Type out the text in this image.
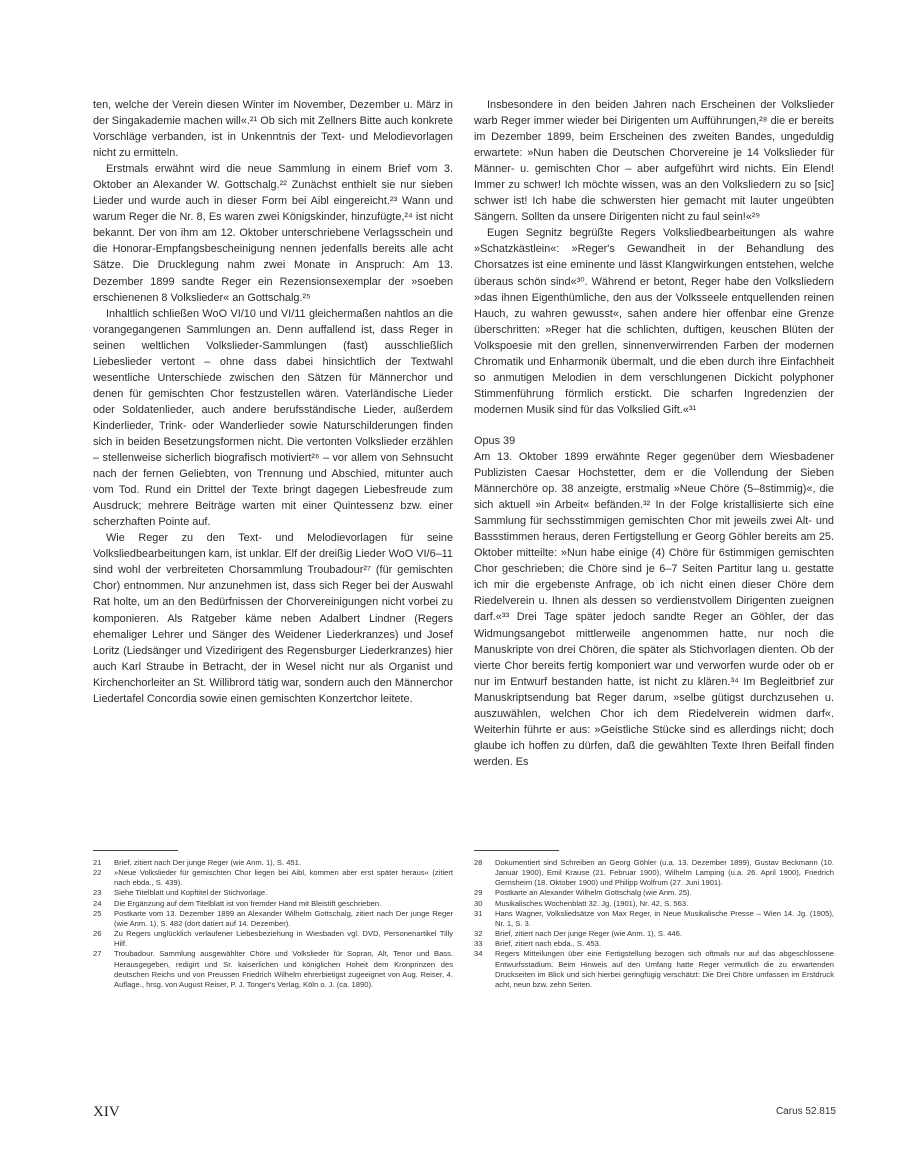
ten, welche der Verein diesen Winter im November, Dezember u. März in der Singakademie machen will«.²¹ Ob sich mit Zellners Bitte auch konkrete Vorschläge verbanden, ist in Unkenntnis der Text- und Melodievorlagen nicht zu ermitteln.

Erstmals erwähnt wird die neue Sammlung in einem Brief vom 3. Oktober an Alexander W. Gottschalg.²² Zunächst enthielt sie nur sieben Lieder und wurde auch in dieser Form bei Aibl eingereicht.²³ Wann und warum Reger die Nr. 8, Es waren zwei Königskinder, hinzufügte,²⁴ ist nicht bekannt. Der von ihm am 12. Oktober unterschriebene Verlagsschein und die Honorar-Empfangsbescheinigung nennen jedenfalls bereits alle acht Sätze. Die Drucklegung nahm zwei Monate in Anspruch: Am 13. Dezember 1899 sandte Reger ein Rezensionsexemplar der »soeben erschienenen 8 Volkslieder« an Gottschalg.²⁵

Inhaltlich schließen WoO VI/10 und VI/11 gleichermaßen nahtlos an die vorangegangenen Sammlungen an. Denn auffallend ist, dass Reger in seinen weltlichen Volkslieder-Sammlungen (fast) ausschließlich Liebeslieder vertont – ohne dass dabei hinsichtlich der Textwahl wesentliche Unterschiede zwischen den Sätzen für Männerchor und denen für gemischten Chor festzustellen wären. Vaterländische Lieder oder Soldatenlieder, auch andere berufsständische Lieder, außerdem Kinderlieder, Trink- oder Wanderlieder sowie Naturschilderungen finden sich in beiden Besetzungsformen nicht. Die vertonten Volkslieder erzählen – stellenweise sicherlich biografisch motiviert²⁶ – vor allem von Sehnsucht nach der fernen Geliebten, von Trennung und Abschied, mitunter auch vom Tod. Rund ein Drittel der Texte bringt dagegen Liebesfreude zum Ausdruck; mehrere Beiträge warten mit einer Quintessenz bzw. einer scherzhaften Pointe auf.

Wie Reger zu den Text- und Melodievorlagen für seine Volksliedbearbeitungen kam, ist unklar. Elf der dreißig Lieder WoO VI/6–11 sind wohl der verbreiteten Chorsammlung Troubadour²⁷ (für gemischten Chor) entnommen. Nur anzunehmen ist, dass sich Reger bei der Auswahl Rat holte, um an den Bedürfnissen der Chorvereinigungen nicht vorbei zu komponieren. Als Ratgeber käme neben Adalbert Lindner (Regers ehemaliger Lehrer und Sänger des Weidener Liederkranzes) und Josef Loritz (Liedsänger und Vizedirigent des Regensburger Liederkranzes) hier auch Karl Straube in Betracht, der in Wesel nicht nur als Organist und Kirchenchorleiter an St. Willibrord tätig war, sondern auch den Männerchor Liedertafel Concordia sowie einen gemischten Konzertchor leitete.

Insbesondere in den beiden Jahren nach Erscheinen der Volkslieder warb Reger immer wieder bei Dirigenten um Aufführungen,²⁸ die er bereits im Dezember 1899, beim Erscheinen des zweiten Bandes, ungeduldig erwartete: »Nun haben die Deutschen Chorvereine je 14 Volkslieder für Männer- u. gemischten Chor – aber aufgeführt wird nichts. Ein Elend! Immer zu schwer! Ich möchte wissen, was an den Volksliedern zu so [sic] schwer ist! Ich habe die schwersten hier gemacht mit lauter ungeübten Sängern. Sollten da unsere Dirigenten nicht zu faul sein!«²⁹

Eugen Segnitz begrüßte Regers Volksliedbearbeitungen als wahre »Schatzkästlein«: »Reger's Gewandheit in der Behandlung des Chorsatzes ist eine eminente und lässt Klangwirkungen entstehen, welche überaus schön sind«³⁰. Während er betont, Reger habe den Volksliedern »das ihnen Eigenthümliche, den aus der Volksseele entquellenden reinen Hauch, zu wahren gewusst«, sahen andere hier offenbar eine Grenze überschritten: »Reger hat die schlichten, duftigen, keuschen Blüten der Volkspoesie mit den grellen, sinnenverwirrenden Farben der modernen Chromatik und Enharmonik übermalt, und die eben durch ihre Einfachheit so anmutigen Melodien in dem verschlungenen Dickicht polyphoner Stimmenführung förmlich erstickt. Die scharfen Ingredenzien der modernen Musik sind für das Volkslied Gift.«³¹

Opus 39

Am 13. Oktober 1899 erwähnte Reger gegenüber dem Wiesbadener Publizisten Caesar Hochstetter, dem er die Vollendung der Sieben Männerchöre op. 38 anzeigte, erstmalig »Neue Chöre (5–8stimmig)«, die sich aktuell »in Arbeit« befänden.³² In der Folge kristallisierte sich eine Sammlung für sechsstimmigen gemischten Chor mit jeweils zwei Alt- und Bassstimmen heraus, deren Fertigstellung er Georg Göhler bereits am 25. Oktober mitteilte: »Nun habe einige (4) Chöre für 6stimmigen gemischten Chor geschrieben; die Chöre sind je 6–7 Seiten Partitur lang u. gestatte ich mir die ergebenste Anfrage, ob ich nicht einen dieser Chöre dem Riedelverein u. Ihnen als dessen so verdienstvollem Dirigenten zueignen darf.«³³ Drei Tage später jedoch sandte Reger an Göhler, der das Widmungsangebot mittlerweile angenommen hatte, nur noch die Manuskripte von drei Chören, die später als Stichvorlagen dienten. Ob der vierte Chor bereits fertig komponiert war und verworfen wurde oder ob er nur im Entwurf bestanden hatte, ist nicht zu klären.³⁴ Im Begleitbrief zur Manuskriptsendung bat Reger darum, »selbe gütigst durchzusehen u. auszuwählen, welchen Chor ich dem Riedelverein widmen darf«. Weiterhin führte er aus: »Geistliche Stücke sind es allerdings nicht; doch glaube ich hoffen zu dürfen, daß die gewählten Texte Ihren Beifall finden werden. Es

21	Brief, zitiert nach Der junge Reger (wie Anm. 1), S. 451.
22	»Neue Volkslieder für gemischten Chor liegen bei Aibl, kommen aber erst später heraus« (zitiert nach ebda., S. 439).
23	Siehe Titelblatt und Kopftitel der Stichvorlage.
24	Die Ergänzung auf dem Titelblatt ist von fremder Hand mit Bleistift geschrieben.
25	Postkarte vom 13. Dezember 1899 an Alexander Wilhelm Gottschalg, zitiert nach Der junge Reger (wie Anm. 1), S. 482 (dort datiert auf 14. Dezember).
26	Zu Regers unglücklich verlaufener Liebesbeziehung in Wiesbaden vgl. DVD, Personenartikel Tilly Hilf.
27	Troubadour. Sammlung ausgewählter Chöre und Volkslieder für Sopran, Alt, Tenor und Bass. Herausgegeben, redigirt und Sr. kaiserlichen und königlichen Hoheit dem Kronprinzen des deutschen Reichs und von Preussen Friedrich Wilhelm ehrerbietigst zugeeignet von Aug. Reiser, 4. Auflage., hrsg. von August Reiser, P. J. Tonger's Verlag, Köln o. J. (ca. 1890).
28	Dokumentiert sind Schreiben an Georg Göhler (u.a. 13. Dezember 1899), Gustav Beckmann (10. Januar 1900), Emil Krause (21. Februar 1900), Wilhelm Lamping (u.a. 26. April 1900), Friedrich Gernsheim (18. Oktober 1900) und Philipp Wolfrum (27. Juni 1901).
29	Postkarte an Alexander Wilhelm Gottschalg (wie Anm. 25).
30	Musikalisches Wochenblatt 32. Jg. (1901), Nr. 42, S. 563.
31	Hans Wagner, Volksliedsätze von Max Reger, in Neue Musikalische Presse – Wien 14. Jg. (1905), Nr. 1, S. 3.
32	Brief, zitiert nach Der junge Reger (wie Anm. 1), S. 446.
33	Brief, zitiert nach ebda., S. 453.
34	Regers Mitteilungen über eine Fertigstellung bezogen sich oftmals nur auf das abgeschlossene Entwurfsstadium. Beim Hinweis auf den Umfang hatte Reger vermutlich die zu erwartenden Druckseiten im Blick und sich hierbei geringfügig verschätzt: Die Drei Chöre umfassen im Erstdruck acht, neun bzw. zehn Seiten.
XIV	Carus 52.815
